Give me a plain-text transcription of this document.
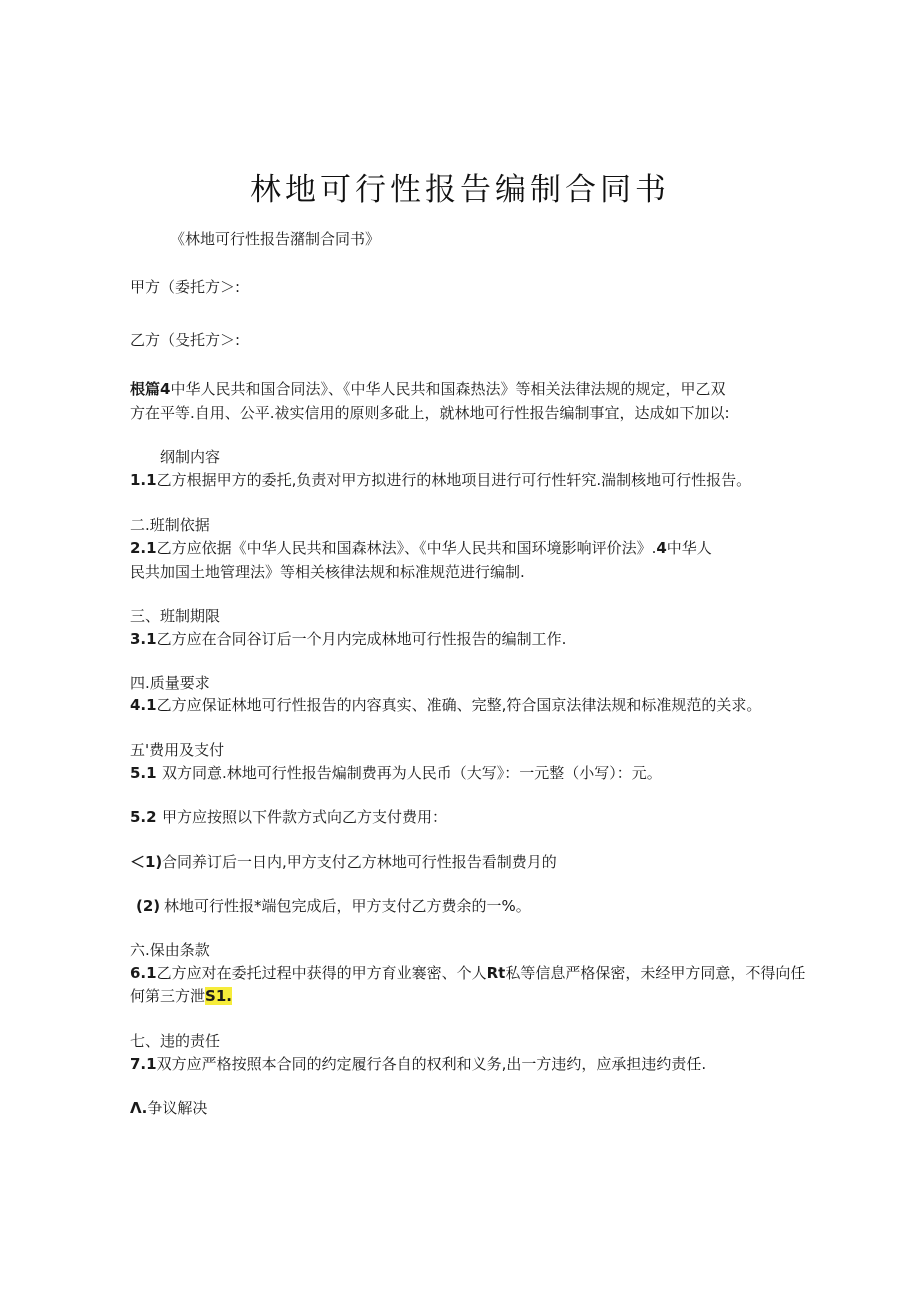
林地可行性报告编制合同书

《林地可行性报告潴制合同书》

甲方（委托方＞:

乙方（殳托方＞:

根篇4中华人民共和国合同法》、《中华人民共和国森热法》等相关法律法规的规定，甲乙双

方在平等.自用、公平.祓实信用的原则多砒上，就林地可行性报告编制事宜，达成如下加以:

纲制内容

1.1乙方根据甲方的委托,负责对甲方拟进行的林地项目进行可行性轩究.湍制核地可行性报告。

二.班制依据

2.1乙方应依据《中华人民共和国森林法》、《中华人民共和国环境影响评价法》.4中华人

民共加国土地管理法》等相关核律法规和标准规范进行编制.

三、班制期限

3.1乙方应在合同谷订后一个月内完成林地可行性报告的编制工作.

四.质量要求

4.1乙方应保证林地可行性报告的内容真实、准确、完整,符合国京法律法规和标准规范的关求。

五'费用及支付

5.1 双方同意.林地可行性报告煸制费再为人民币（大写》：一元整（小写）：元。

5.2 甲方应按照以下件款方式向乙方支付费用：

＜1)合同养订后一日内,甲方支付乙方林地可行性报告看制费月的

(2) 林地可行性报*端包完成后，甲方支付乙方费余的一%。

六.保由条款

6.1乙方应对在委托过程中获得的甲方育业褰密、个人Rt私等信息严格保密，未经甲方同意，不得向任

何第三方泄S1.

七、违的责任

7.1双方应严格按照本合同的约定履行各自的权利和义务,出一方违约，应承担违约责任.

Λ.争议解决
